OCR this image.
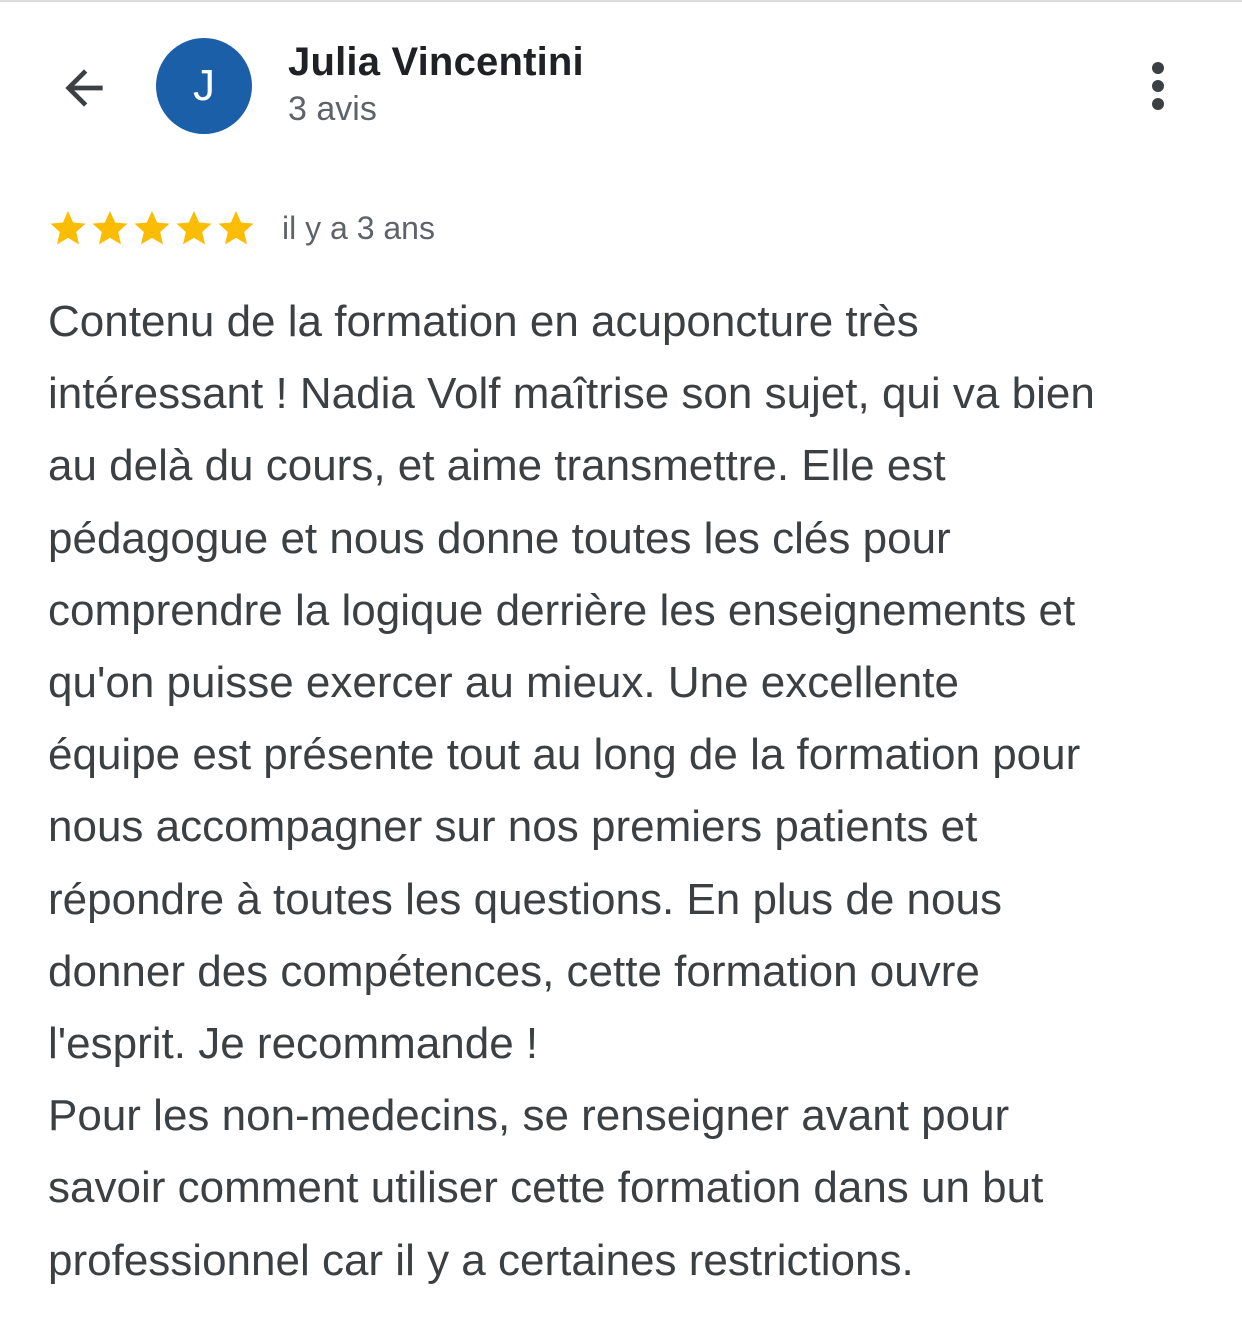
J Julia Vincentini
3 avis
il y a 3 ans
Contenu de la formation en acuponcture très
intéressant ! Nadia Volf maîtrise son sujet, qui va bien
au delà du cours, et aime transmettre. Elle est
pédagogue et nous donne toutes les clés pour
comprendre la logique derrière les enseignements et
qu'on puisse exercer au mieux. Une excellente
équipe est présente tout au long de la formation pour
nous accompagner sur nos premiers patients et
répondre à toutes les questions. En plus de nous
donner des compétences, cette formation ouvre
l'esprit. Je recommande !
Pour les non-medecins, se renseigner avant pour
savoir comment utiliser cette formation dans un but
professionnel car il y a certaines restrictions.
